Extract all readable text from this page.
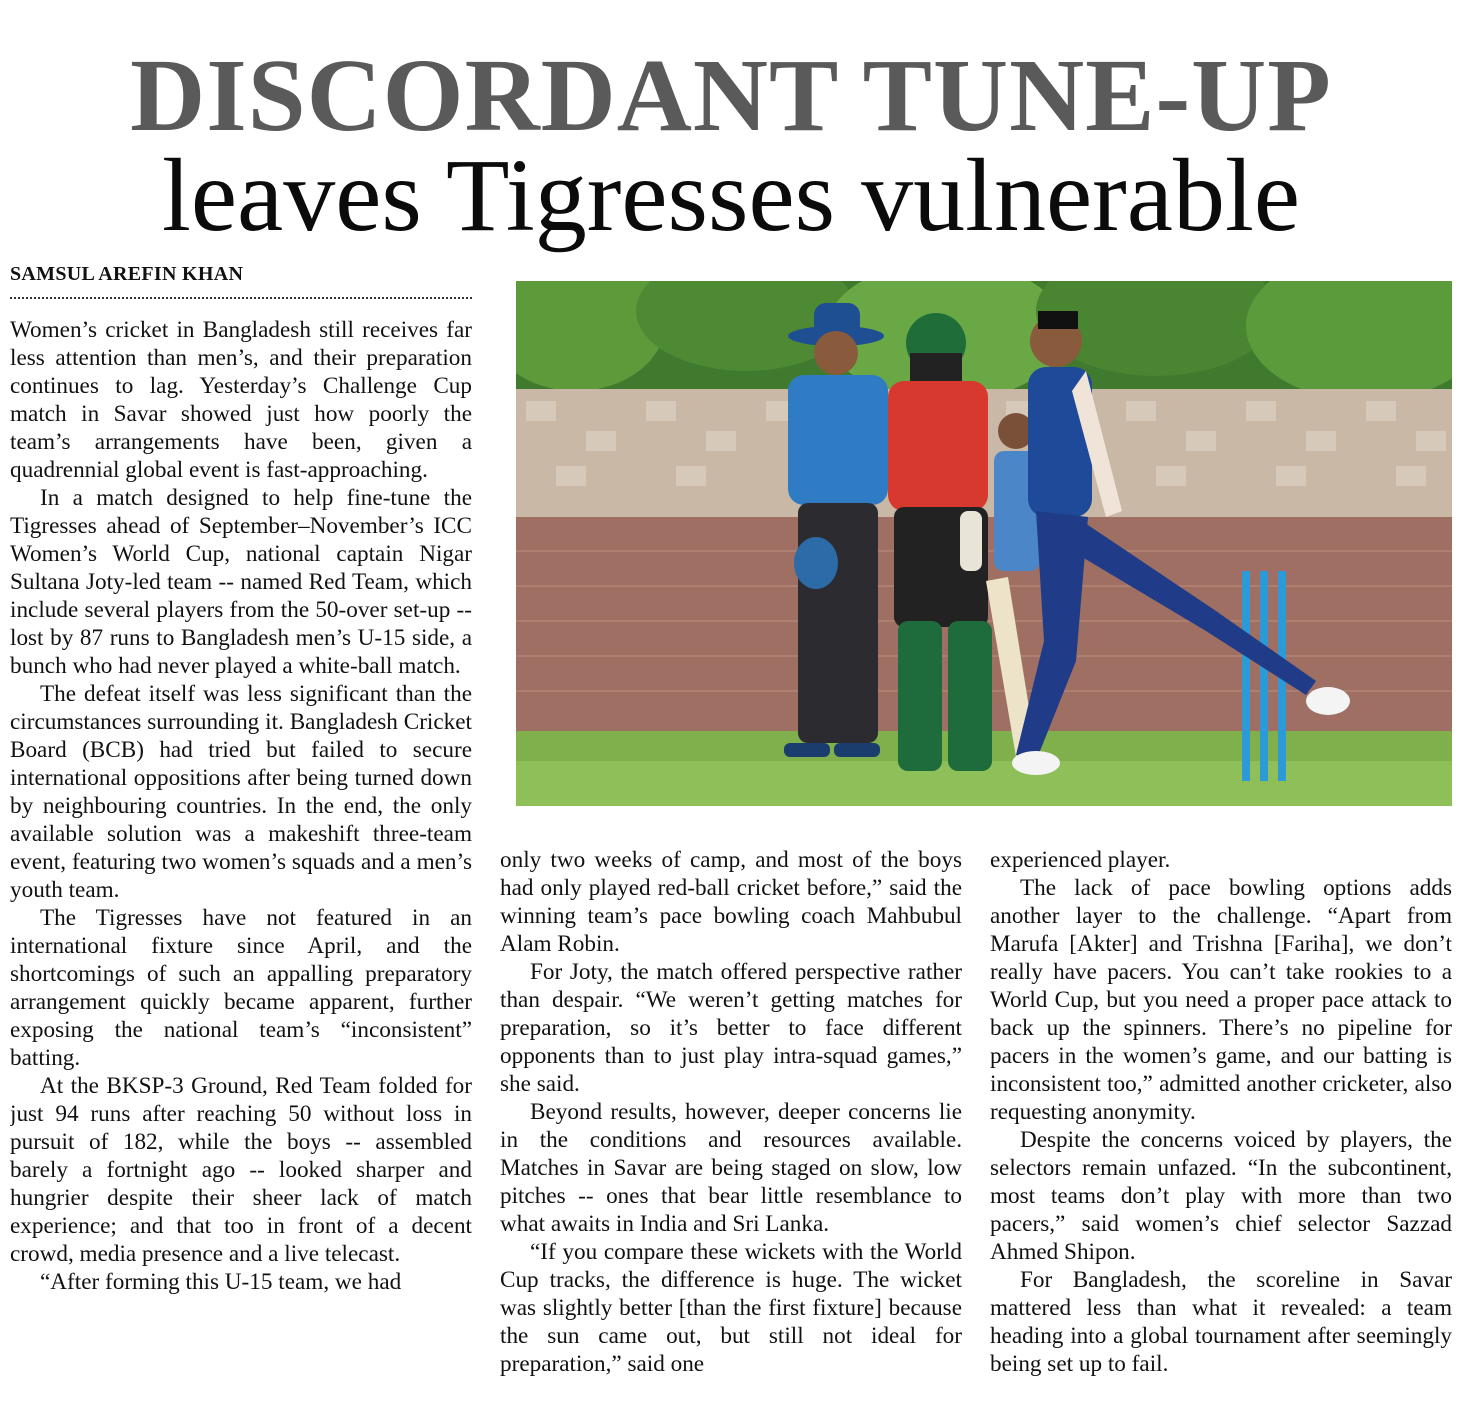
DISCORDANT TUNE-UP
leaves Tigresses vulnerable
SAMSUL AREFIN KHAN

Women’s cricket in Bangladesh still receives far less attention than men’s, and their preparation continues to lag. Yesterday’s Challenge Cup match in Savar showed just how poorly the team’s arrangements have been, given a quadrennial global event is fast-approaching.

In a match designed to help fine-tune the Tigresses ahead of September–November’s ICC Women’s World Cup, national captain Nigar Sultana Joty-led team -- named Red Team, which include several players from the 50-over set-up -- lost by 87 runs to Bangladesh men’s U-15 side, a bunch who had never played a white-ball match.

The defeat itself was less significant than the circumstances surrounding it. Bangladesh Cricket Board (BCB) had tried but failed to secure international oppositions after being turned down by neighbouring countries. In the end, the only available solution was a makeshift three-team event, featuring two women’s squads and a men’s youth team.

The Tigresses have not featured in an international fixture since April, and the shortcomings of such an appalling preparatory arrangement quickly became apparent, further exposing the national team’s “inconsistent” batting.

At the BKSP-3 Ground, Red Team folded for just 94 runs after reaching 50 without loss in pursuit of 182, while the boys -- assembled barely a fortnight ago -- looked sharper and hungrier despite their sheer lack of match experience; and that too in front of a decent crowd, media presence and a live telecast.

“After forming this U-15 team, we had

only two weeks of camp, and most of the boys had only played red-ball cricket before,” said the winning team’s pace bowling coach Mahbubul Alam Robin.

For Joty, the match offered perspective rather than despair. “We weren’t getting matches for preparation, so it’s better to face different opponents than to just play intra-squad games,” she said.

Beyond results, however, deeper concerns lie in the conditions and resources available. Matches in Savar are being staged on slow, low pitches -- ones that bear little resemblance to what awaits in India and Sri Lanka.

“If you compare these wickets with the World Cup tracks, the difference is huge. The wicket was slightly better [than the first fixture] because the sun came out, but still not ideal for preparation,” said one

experienced player.

The lack of pace bowling options adds another layer to the challenge. “Apart from Marufa [Akter] and Trishna [Fariha], we don’t really have pacers. You can’t take rookies to a World Cup, but you need a proper pace attack to back up the spinners. There’s no pipeline for pacers in the women’s game, and our batting is inconsistent too,” admitted another cricketer, also requesting anonymity.

Despite the concerns voiced by players, the selectors remain unfazed. “In the subcontinent, most teams don’t play with more than two pacers,” said women’s chief selector Sazzad Ahmed Shipon.

For Bangladesh, the scoreline in Savar mattered less than what it revealed: a team heading into a global tournament after seemingly being set up to fail.
